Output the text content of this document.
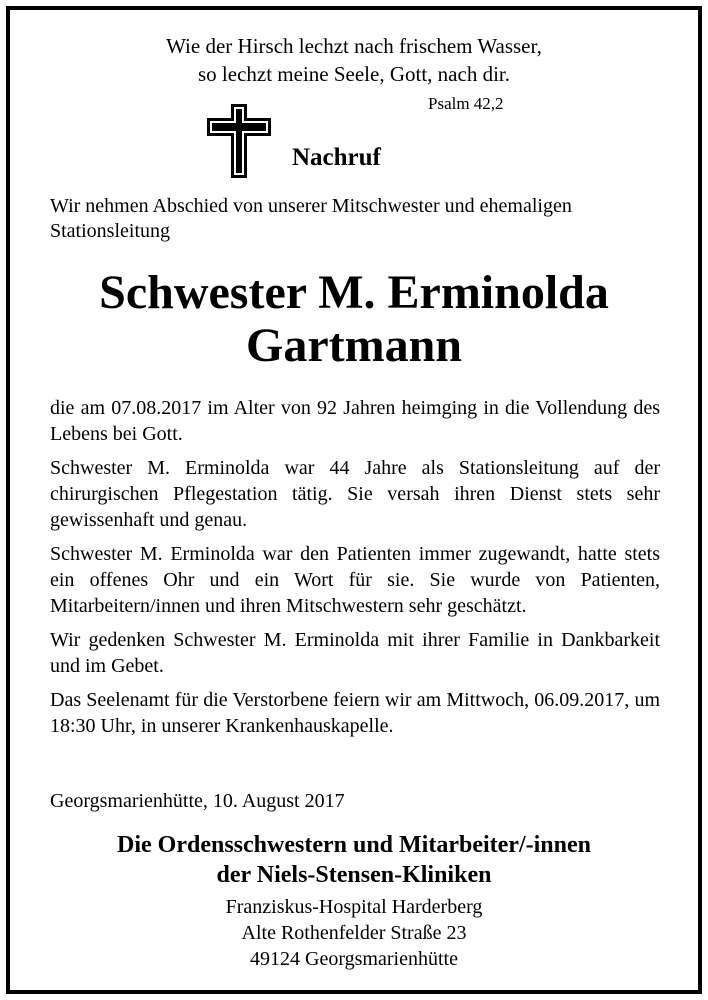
Wie der Hirsch lechzt nach frischem Wasser,
so lechzt meine Seele, Gott, nach dir.
Psalm 42,2
Nachruf
Wir nehmen Abschied von unserer Mitschwester und ehemaligen
Stationsleitung
Schwester M. Erminolda
Gartmann

die am 07.08.2017 im Alter von 92 Jahren heimging in die Vollendung des Lebens bei Gott.

Schwester M. Erminolda war 44 Jahre als Stationsleitung auf der chirurgischen Pflegestation tätig. Sie versah ihren Dienst stets sehr gewissenhaft und genau.

Schwester M. Erminolda war den Patienten immer zugewandt, hatte stets ein offenes Ohr und ein Wort für sie. Sie wurde von Patienten, Mitarbeitern/innen und ihren Mitschwestern sehr geschätzt.

Wir gedenken Schwester M. Erminolda mit ihrer Familie in Dankbarkeit und im Gebet.

Das Seelenamt für die Verstorbene feiern wir am Mittwoch, 06.09.2017, um 18:30 Uhr, in unserer Krankenhauskapelle.

Georgsmarienhütte, 10. August 2017
Die Ordensschwestern und Mitarbeiter/-innen
der Niels-Stensen-Kliniken
Franziskus-Hospital Harderberg
Alte Rothenfelder Straße 23
49124 Georgsmarienhütte
